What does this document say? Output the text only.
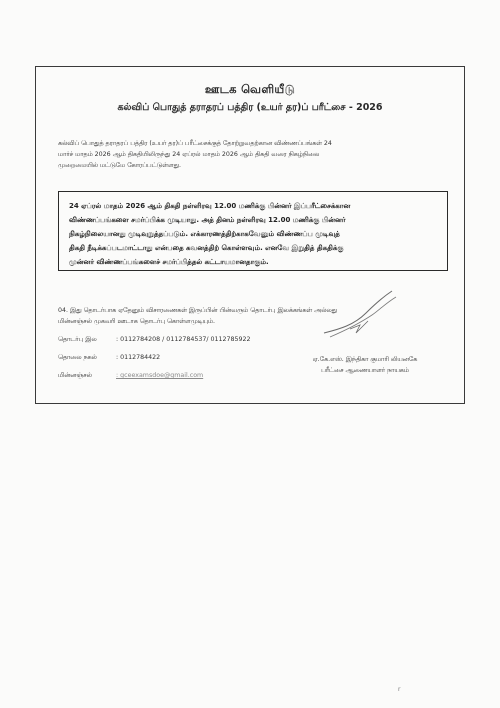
ஊடக வெளியீடு
கல்விப் பொதுத் தராதரப் பத்திர (உயர் தர)ப் பரீட்சை - 2026
கல்விப் பொதுத் தராதரப் பத்திர (உயர் தர)ப் பரீட்சைக்குத் தோற்றுவதற்கான விண்ணப்பங்கள் 24
மார்ச் மாதம் 2026 ஆம் திகதியிலிருந்து 24 ஏப்ரல் மாதம் 2026 ஆம் திகதி வரை நிகழ்நிலை
முறைமையில் மட்டுமே கோரப்பட்டுள்ளது.
24 ஏப்ரல் மாதம் 2026 ஆம் திகதி நள்ளிரவு 12.00 மணிக்கு பின்னர் இப்பரீட்சைக்கான
விண்ணப்பங்களை சமர்ப்பிக்க முடியாது. அத் தினம் நள்ளிரவு 12.00 மணிக்கு பின்னர்
நிகழ்நிலையானது முடிவுறுத்தப்படும். எக்காரணத்திற்காகவேனும் விண்ணப்ப முடிவுத்
திகதி நீடிக்கப்படமாட்டாது என்பதை கவனத்திற் கொள்ளவும். எனவே இறுதித் திகதிக்கு
முன்னர் விண்ணப்பங்களைச் சமர்ப்பித்தல் கட்டாயமானதாகும்.
04. இது தொடர்பாக ஏதேனும் விசாரணைகள் இருப்பின் பின்வரும் தொடர்பு இலக்கங்கள் அல்லது
மின்னஞ்சல் முகவரி ஊடாக தொடர்பு கொள்ளமுடியும்.
தொடர்பு இல	: 0112784208 / 0112784537/ 0112785922
தொலை நகல்	: 0112784422
மின்னஞ்சல்	: gceexamsdoe@gmail.com
ஏ.கே.எஸ். இந்திகா குமாரி லியனகே
பரீட்சை ஆணையாளர் நாயகம்
r
